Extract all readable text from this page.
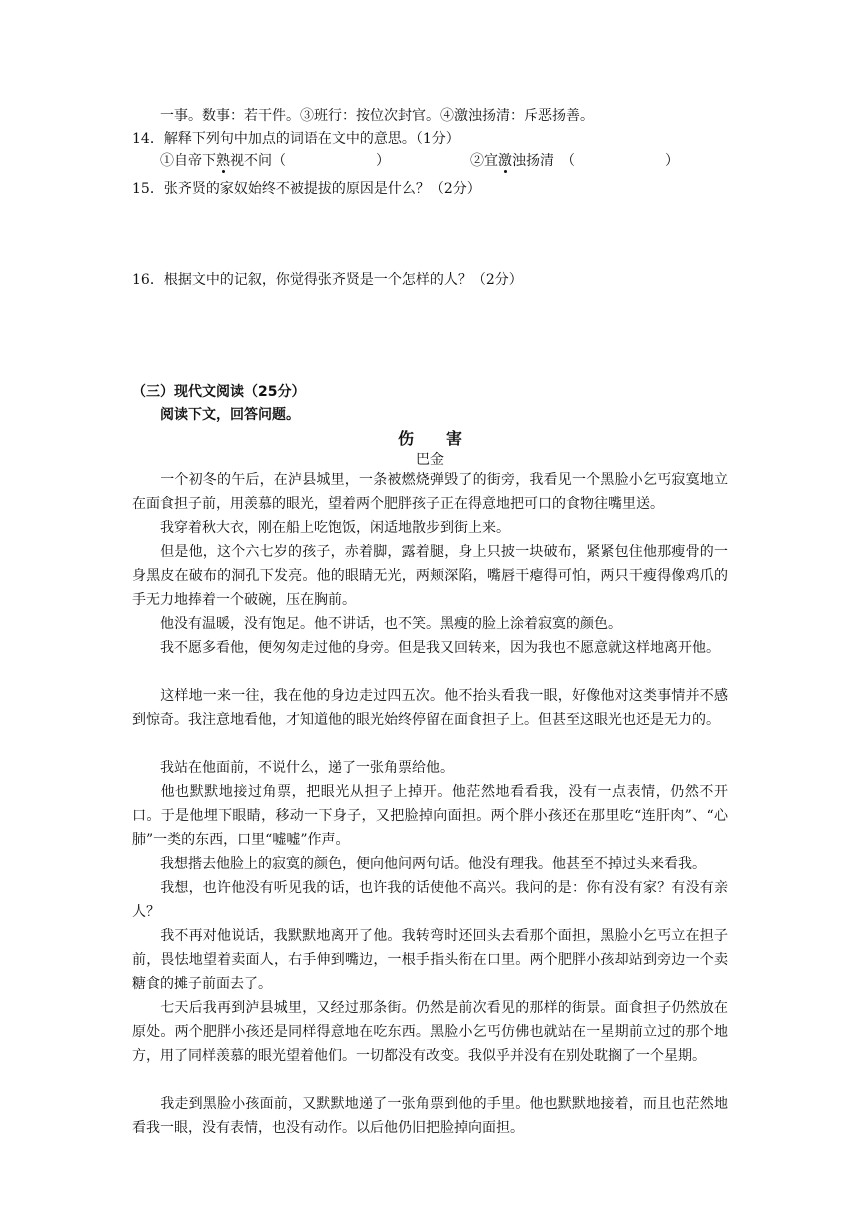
一事。数事：若干件。③班行：按位次封官。④激浊扬清：斥恶扬善。
14．解释下列句中加点的词语在文中的意思。（1分）
①自帝下熟视不问（	）	②宜激浊扬清　（	）
15．张齐贤的家奴始终不被提拔的原因是什么？（2分）
16．根据文中的记叙，你觉得张齐贤是一个怎样的人？（2分）
（三）现代文阅读（25分）
阅读下文，回答问题。
伤　　害
巴金
一个初冬的午后，在泸县城里，一条被燃烧弹毁了的街旁，我看见一个黑脸小乞丐寂寞地立在面食担子前，用羡慕的眼光，望着两个肥胖孩子正在得意地把可口的食物往嘴里送。
我穿着秋大衣，刚在船上吃饱饭，闲适地散步到街上来。
但是他，这个六七岁的孩子，赤着脚，露着腿，身上只披一块破布，紧紧包住他那瘦骨的一身黑皮在破布的洞孔下发亮。他的眼睛无光，两颊深陷，嘴唇干瘪得可怕，两只干瘦得像鸡爪的手无力地捧着一个破碗，压在胸前。
他没有温暖，没有饱足。他不讲话，也不笑。黑瘦的脸上涂着寂寞的颜色。
我不愿多看他，便匆匆走过他的身旁。但是我又回转来，因为我也不愿意就这样地离开他。
这样地一来一往，我在他的身边走过四五次。他不抬头看我一眼，好像他对这类事情并不感到惊奇。我注意地看他，才知道他的眼光始终停留在面食担子上。但甚至这眼光也还是无力的。
我站在他面前，不说什么，递了一张角票给他。
他也默默地接过角票，把眼光从担子上掉开。他茫然地看看我，没有一点表情，仍然不开口。于是他埋下眼睛，移动一下身子，又把脸掉向面担。两个胖小孩还在那里吃“连肝肉”、“心肺”一类的东西，口里“嘘嘘”作声。
我想揩去他脸上的寂寞的颜色，便向他问两句话。他没有理我。他甚至不掉过头来看我。
我想，也许他没有听见我的话，也许我的话使他不高兴。我问的是：你有没有家？有没有亲人？
我不再对他说话，我默默地离开了他。我转弯时还回头去看那个面担，黑脸小乞丐立在担子前，畏怯地望着卖面人，右手伸到嘴边，一根手指头衔在口里。两个肥胖小孩却站到旁边一个卖糖食的摊子前面去了。
七天后我再到泸县城里，又经过那条街。仍然是前次看见的那样的街景。面食担子仍然放在原处。两个肥胖小孩还是同样得意地在吃东西。黑脸小乞丐仿佛也就站在一星期前立过的那个地方，用了同样羡慕的眼光望着他们。一切都没有改变。我似乎并没有在别处耽搁了一个星期。
我走到黑脸小孩面前，又默默地递了一张角票到他的手里。他也默默地接着，而且也茫然地看我一眼，没有表情，也没有动作。以后他仍旧把脸掉向面担。
